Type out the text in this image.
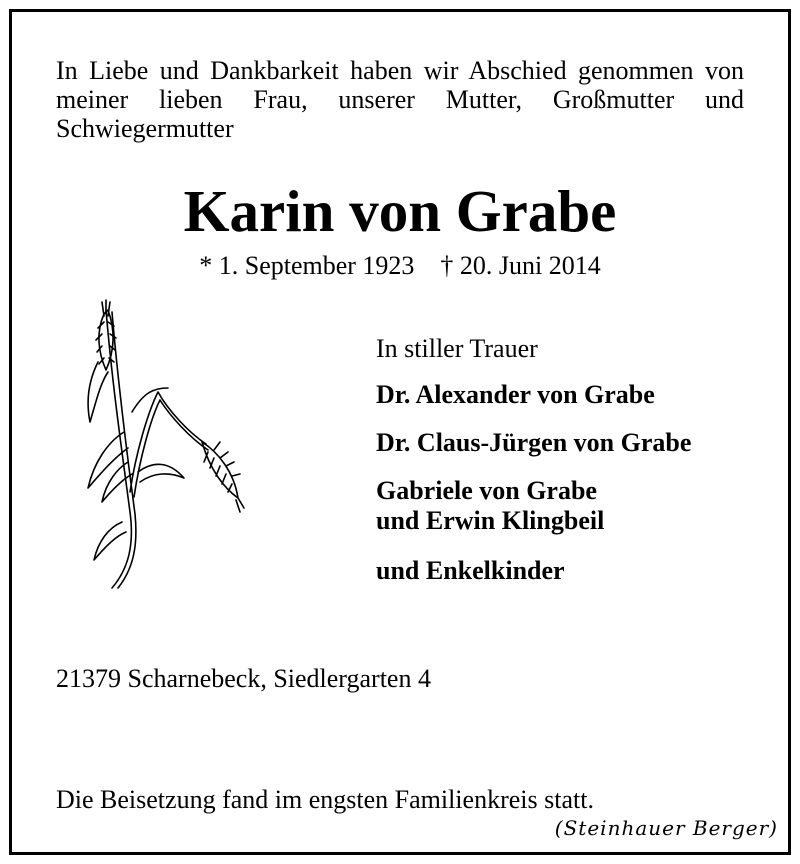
In Liebe und Dankbarkeit haben wir Abschied genommen von meiner lieben Frau, unserer Mutter, Großmutter und Schwiegermutter
Karin von Grabe
* 1. September 1923    † 20. Juni 2014
In stiller Trauer
Dr. Alexander von Grabe
Dr. Claus-Jürgen von Grabe
Gabriele von Grabe
und Erwin Klingbeil
und Enkelkinder
21379 Scharnebeck, Siedlergarten 4
Die Beisetzung fand im engsten Familienkreis statt.
(Steinhauer Berger)
